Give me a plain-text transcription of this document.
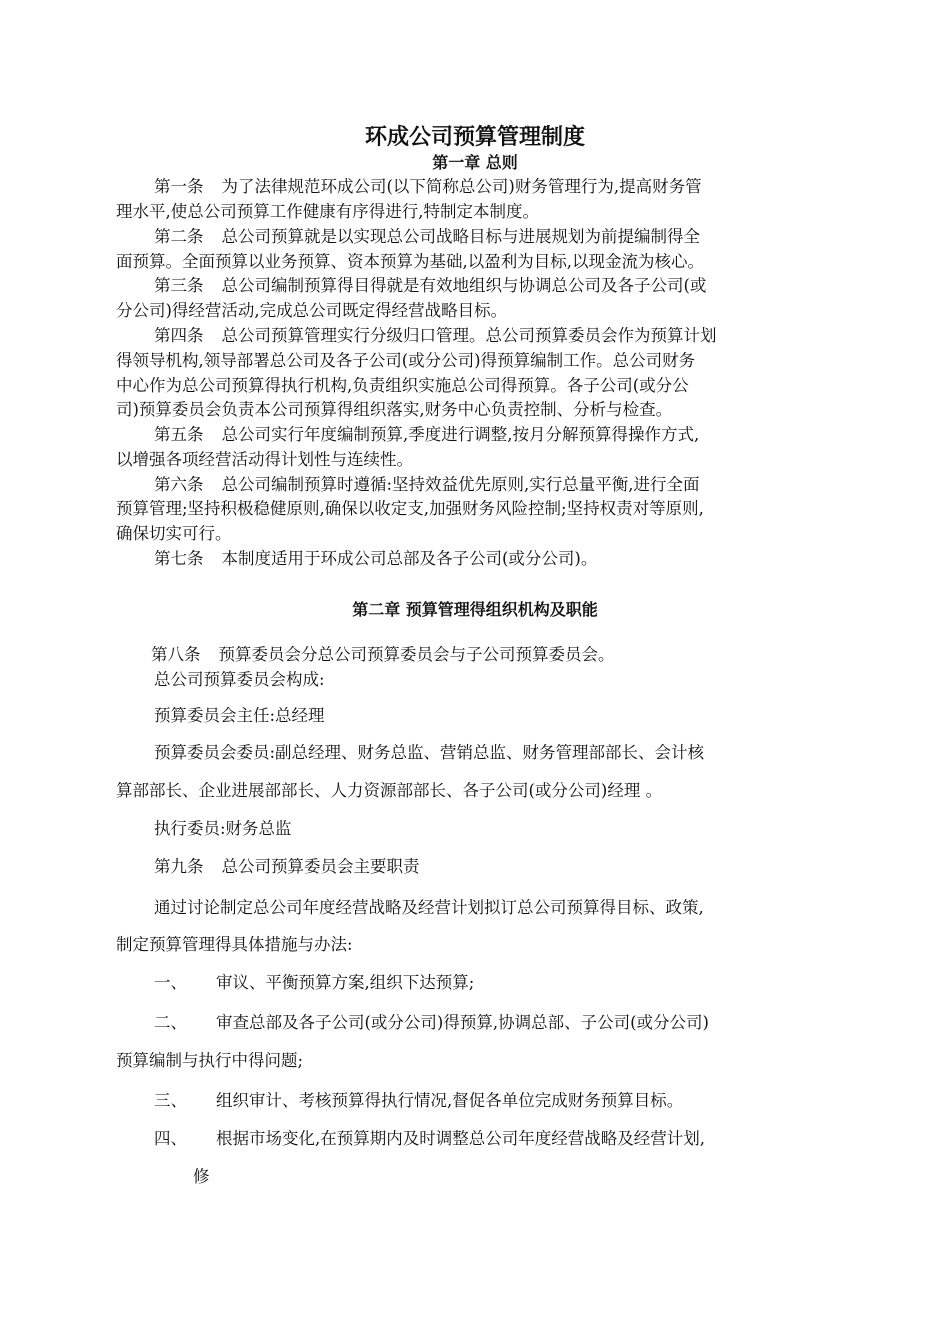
环成公司预算管理制度
第一章 总则
第一条 为了法律规范环成公司(以下简称总公司)财务管理行为,提高财务管
理水平,使总公司预算工作健康有序得进行,特制定本制度。
第二条 总公司预算就是以实现总公司战略目标与进展规划为前提编制得全
面预算。全面预算以业务预算、资本预算为基础,以盈利为目标,以现金流为核心。
第三条 总公司编制预算得目得就是有效地组织与协调总公司及各子公司(或
分公司)得经营活动,完成总公司既定得经营战略目标。
第四条 总公司预算管理实行分级归口管理。总公司预算委员会作为预算计划
得领导机构,领导部署总公司及各子公司(或分公司)得预算编制工作。总公司财务
中心作为总公司预算得执行机构,负责组织实施总公司得预算。各子公司(或分公
司)预算委员会负责本公司预算得组织落实,财务中心负责控制、分析与检查。
第五条 总公司实行年度编制预算,季度进行调整,按月分解预算得操作方式,
以增强各项经营活动得计划性与连续性。
第六条 总公司编制预算时遵循:坚持效益优先原则,实行总量平衡,进行全面
预算管理;坚持积极稳健原则,确保以收定支,加强财务风险控制;坚持权责对等原则,
确保切实可行。
第七条 本制度适用于环成公司总部及各子公司(或分公司)。
第二章 预算管理得组织机构及职能
第八条 预算委员会分总公司预算委员会与子公司预算委员会。
总公司预算委员会构成:
预算委员会主任:总经理
预算委员会委员:副总经理、财务总监、营销总监、财务管理部部长、会计核
算部部长、企业进展部部长、人力资源部部长、各子公司(或分公司)经理 。
执行委员:财务总监
第九条 总公司预算委员会主要职责
通过讨论制定总公司年度经营战略及经营计划拟订总公司预算得目标、政策,
制定预算管理得具体措施与办法:
一、 审议、平衡预算方案,组织下达预算;
二、 审查总部及各子公司(或分公司)得预算,协调总部、子公司(或分公司)
预算编制与执行中得问题;
三、 组织审计、考核预算得执行情况,督促各单位完成财务预算目标。
四、 根据市场变化,在预算期内及时调整总公司年度经营战略及经营计划,
修
